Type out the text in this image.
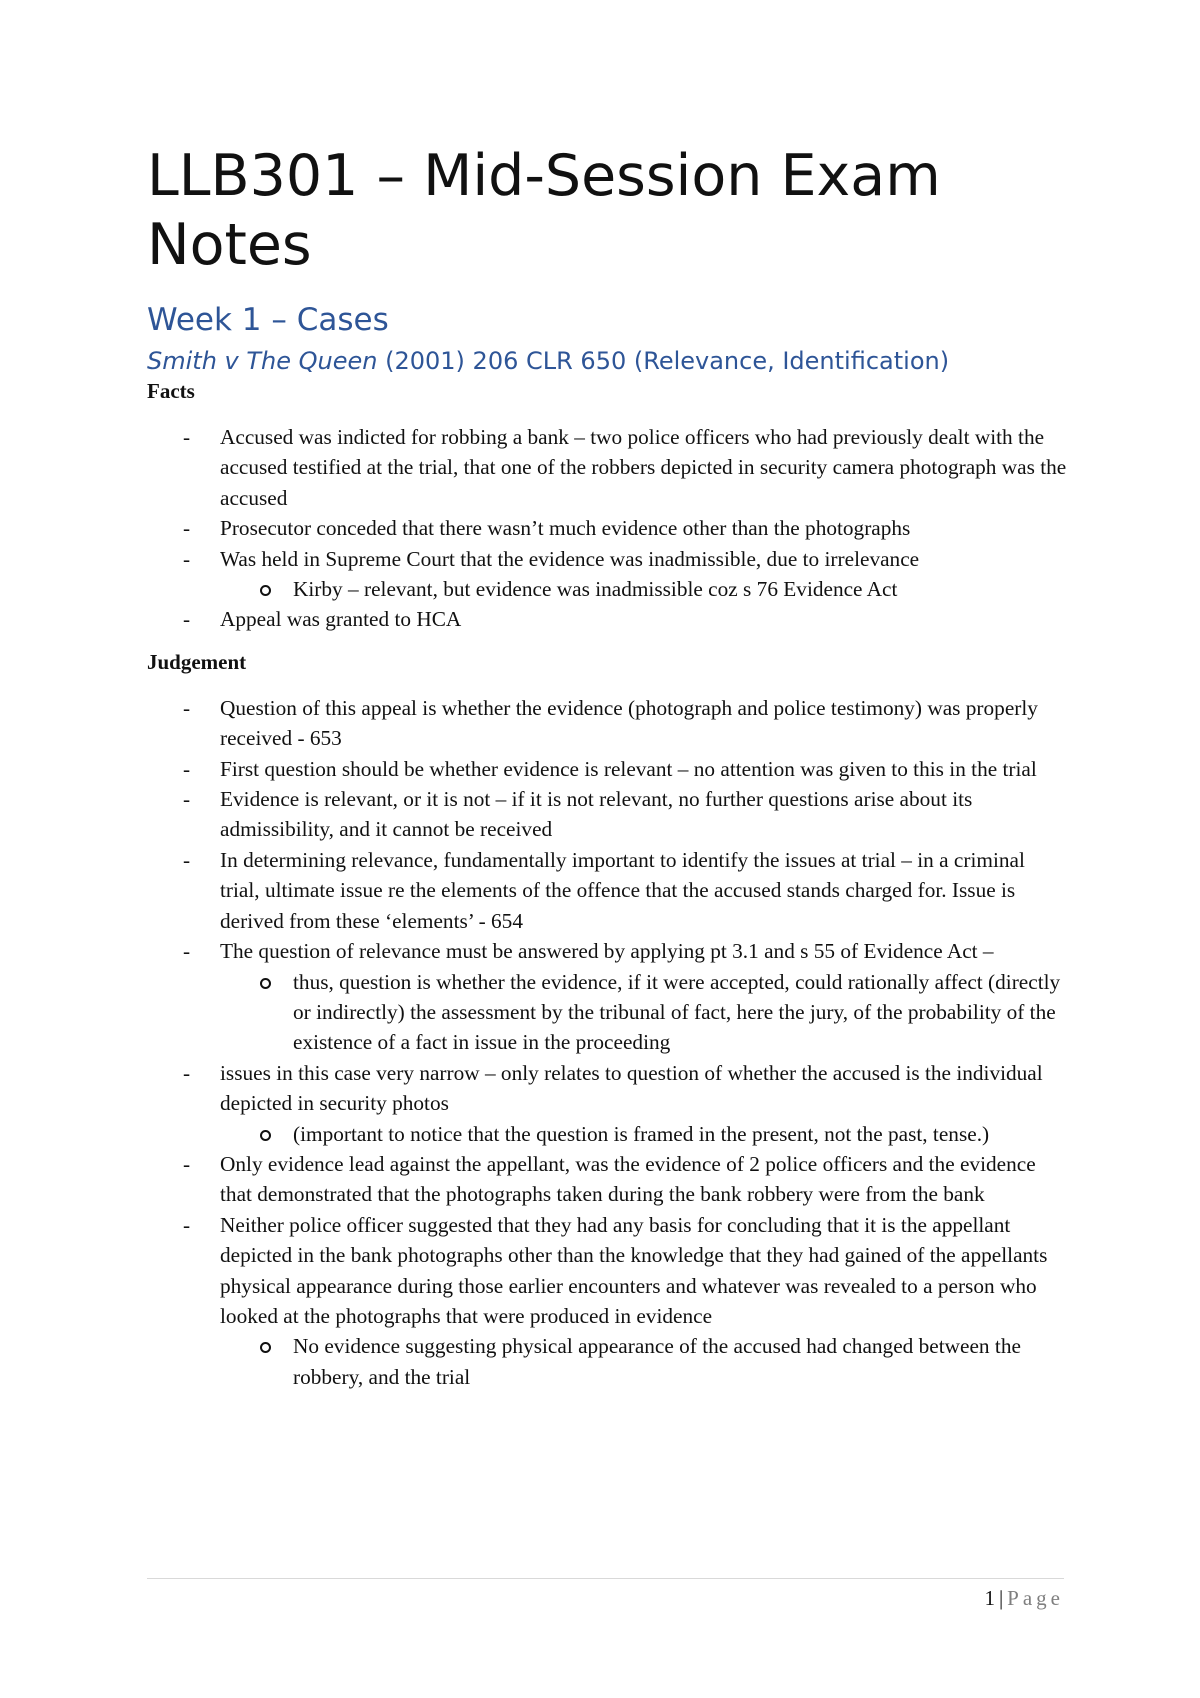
LLB301 – Mid-Session Exam Notes
Week 1 – Cases
Smith v The Queen (2001) 206 CLR 650 (Relevance, Identification)
Facts
- Accused was indicted for robbing a bank – two police officers who had previously dealt with the accused testified at the trial, that one of the robbers depicted in security camera photograph was the accused
- Prosecutor conceded that there wasn’t much evidence other than the photographs
- Was held in Supreme Court that the evidence was inadmissible, due to irrelevance
Kirby – relevant, but evidence was inadmissible coz s 76 Evidence Act
- Appeal was granted to HCA
Judgement
- Question of this appeal is whether the evidence (photograph and police testimony) was properly received - 653
- First question should be whether evidence is relevant – no attention was given to this in the trial
- Evidence is relevant, or it is not – if it is not relevant, no further questions arise about its admissibility, and it cannot be received
- In determining relevance, fundamentally important to identify the issues at trial – in a criminal trial, ultimate issue re the elements of the offence that the accused stands charged for. Issue is derived from these ‘elements’ - 654
- The question of relevance must be answered by applying pt 3.1 and s 55 of Evidence Act –
thus, question is whether the evidence, if it were accepted, could rationally affect (directly or indirectly) the assessment by the tribunal of fact, here the jury, of the probability of the existence of a fact in issue in the proceeding
- issues in this case very narrow – only relates to question of whether the accused is the individual depicted in security photos
(important to notice that the question is framed in the present, not the past, tense.)
- Only evidence lead against the appellant, was the evidence of 2 police officers and the evidence that demonstrated that the photographs taken during the bank robbery were from the bank
- Neither police officer suggested that they had any basis for concluding that it is the appellant depicted in the bank photographs other than the knowledge that they had gained of the appellants physical appearance during those earlier encounters and whatever was revealed to a person who looked at the photographs that were produced in evidence
No evidence suggesting physical appearance of the accused had changed between the robbery, and the trial
1 | Page
